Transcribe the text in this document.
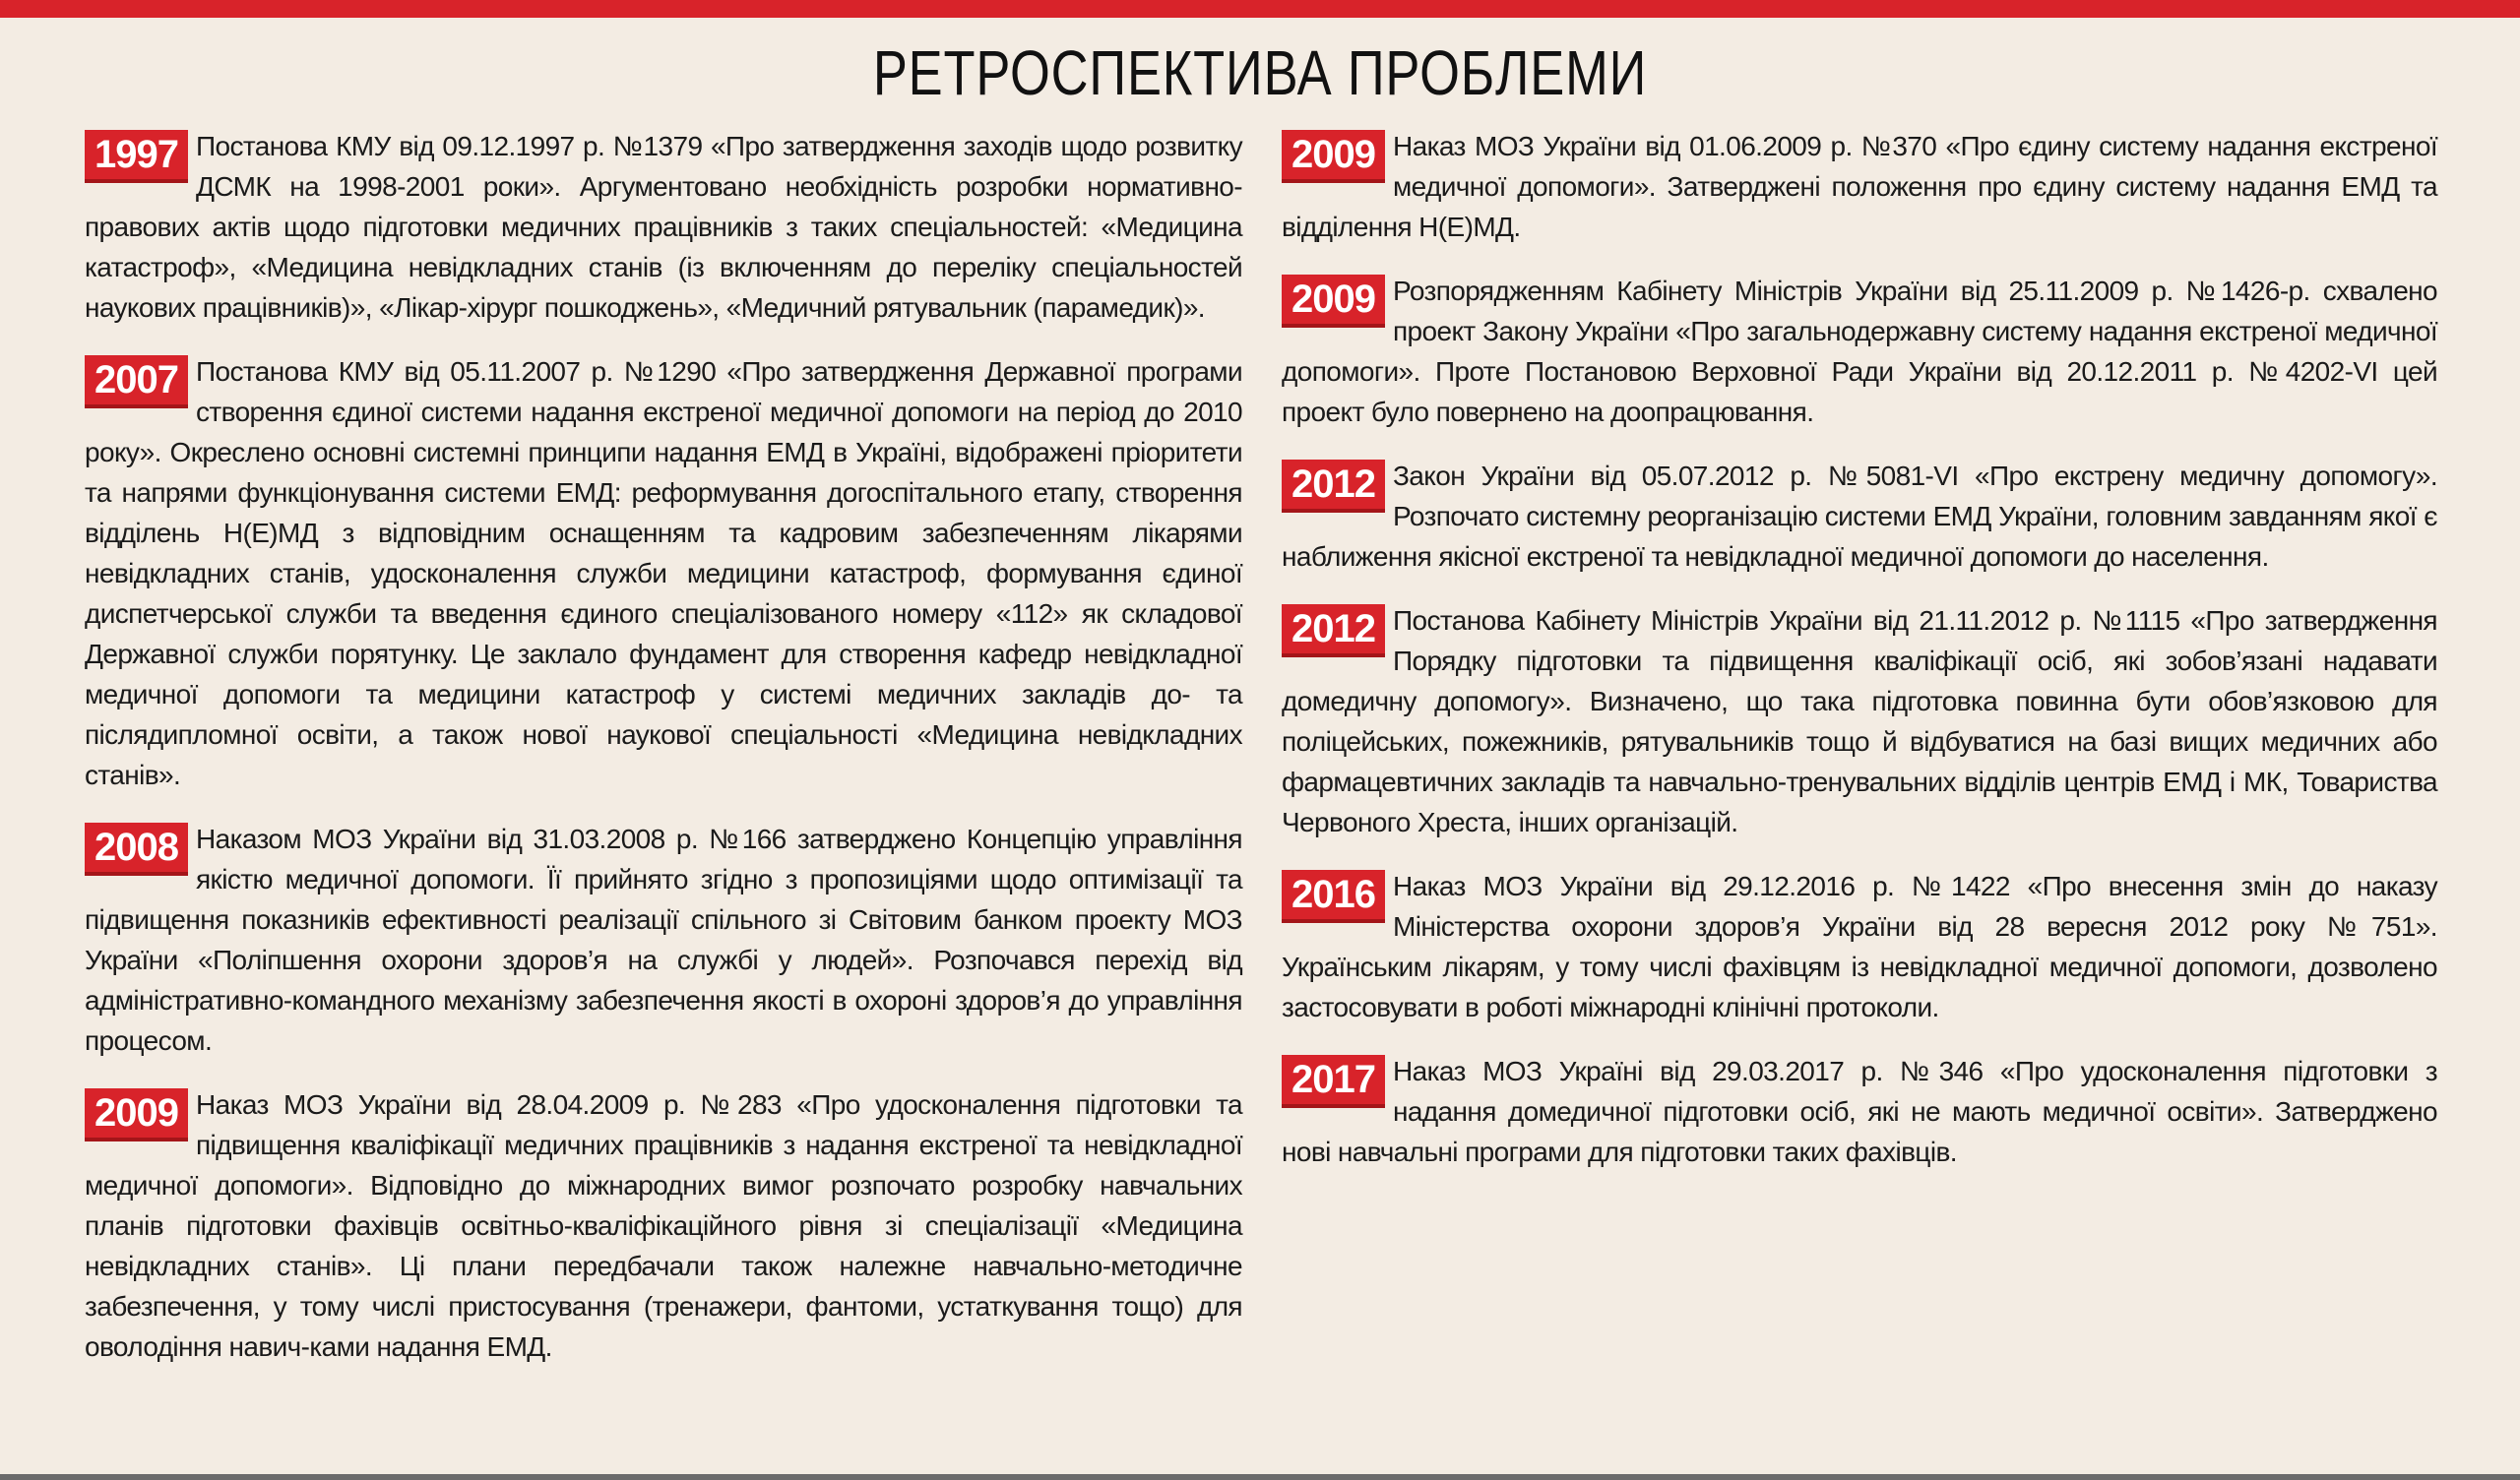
РЕТРОСПЕКТИВА ПРОБЛЕМИ
1997 Постанова КМУ від 09.12.1997 р. №1379 «Про затвердження заходів щодо розвитку ДСМК на 1998-2001 роки». Аргументовано необхідність розробки нормативно-правових актів щодо підготовки медичних працівників з таких спеціальностей: «Медицина катастроф», «Медицина невідкладних станів (із включенням до переліку спеціальностей наукових працівників)», «Лікар-хірург пошкоджень», «Медичний рятувальник (парамедик)».
2007 Постанова КМУ від 05.11.2007 р. №1290 «Про затвердження Державної програми створення єдиної системи надання екстреної медичної допомоги на період до 2010 року». Окреслено основні системні принципи надання ЕМД в Україні, відображені пріоритети та напрями функціонування системи ЕМД: реформування догоспітального етапу, створення відділень Н(Е)МД з відповідним оснащенням та кадровим забезпеченням лікарями невідкладних станів, удосконалення служби медицини катастроф, формування єдиної диспетчерської служби та введення єдиного спеціалізованого номеру «112» як складової Державної служби порятунку. Це заклало фундамент для створення кафедр невідкладної медичної допомоги та медицини катастроф у системі медичних закладів до- та післядипломної освіти, а також нової наукової спеціальності «Медицина невідкладних станів».
2008 Наказом МОЗ України від 31.03.2008 р. №166 затверджено Концепцію управління якістю медичної допомоги. Її прийнято згідно з пропозиціями щодо оптимізації та підвищення показників ефективності реалізації спільного зі Світовим банком проекту МОЗ України «Поліпшення охорони здоров’я на службі у людей». Розпочався перехід від адміністративно-командного механізму забезпечення якості в охороні здоров’я до управління процесом.
2009 Наказ МОЗ України від 28.04.2009 р. №283 «Про удосконалення підготовки та підвищення кваліфікації медичних працівників з надання екстреної та невідкладної медичної допомоги». Відповідно до міжнародних вимог розпочато розробку навчальних планів підготовки фахівців освітньо-кваліфікаційного рівня зі спеціалізації «Медицина невідкладних станів». Ці плани передбачали також належне навчально-методичне забезпечення, у тому числі пристосування (тренажери, фантоми, устаткування тощо) для оволодіння навич-ками надання ЕМД.
2009 Наказ МОЗ України від 01.06.2009 р. №370 «Про єдину систему надання екстреної медичної допомоги». Затверджені положення про єдину систему надання ЕМД та відділення Н(Е)МД.
2009 Розпорядженням Кабінету Міністрів України від 25.11.2009 р. №1426-р. схвалено проект Закону України «Про загальнодержавну систему надання екстреної медичної допомоги». Проте Постановою Верховної Ради України від 20.12.2011 р. №4202-VI цей проект було повернено на доопрацювання.
2012 Закон України від 05.07.2012 р. №5081-VI «Про екстрену медичну допомогу». Розпочато системну реорганізацію системи ЕМД України, головним завданням якої є наближення якісної екстреної та невідкладної медичної допомоги до населення.
2012 Постанова Кабінету Міністрів України від 21.11.2012 р. №1115 «Про затвердження Порядку підготовки та підвищення кваліфікації осіб, які зобов’язані надавати домедичну допомогу». Визначено, що така підготовка повинна бути обов’язковою для поліцейських, пожежників, рятувальників тощо й відбуватися на базі вищих медичних або фармацевтичних закладів та навчально-тренувальних відділів центрів ЕМД і МК, Товариства Червоного Хреста, інших організацій.
2016 Наказ МОЗ України від 29.12.2016 р. №1422 «Про внесення змін до наказу Міністерства охорони здоров’я України від 28 вересня 2012 року №751». Українським лікарям, у тому числі фахівцям із невідкладної медичної допомоги, дозволено застосовувати в роботі міжнародні клінічні протоколи.
2017 Наказ МОЗ Україні від 29.03.2017 р. №346 «Про удосконалення підготовки з надання домедичної підготовки осіб, які не мають медичної освіти». Затверджено нові навчальні програми для підготовки таких фахівців.
